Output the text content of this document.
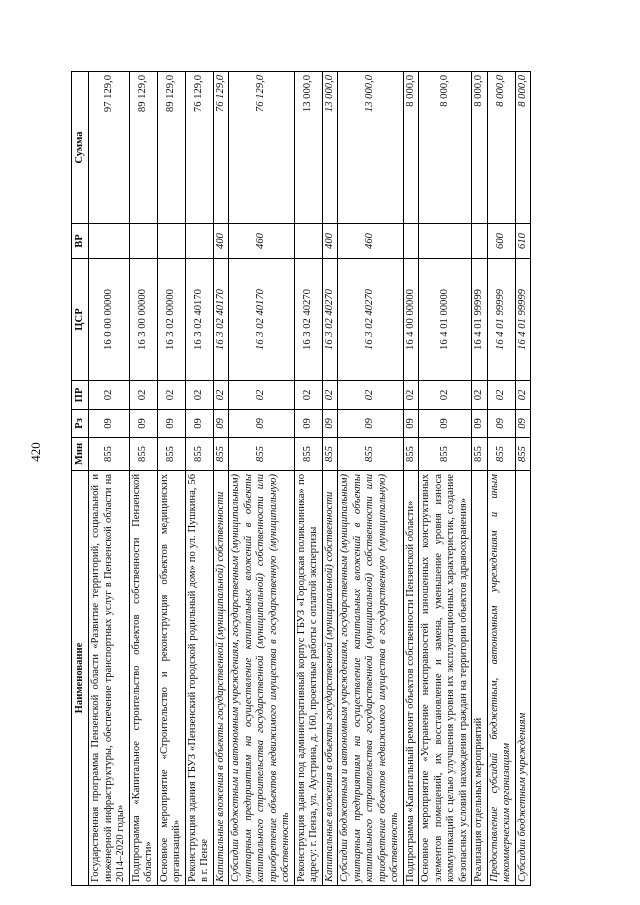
420
Наименование	Мин	Рз	ПР	ЦСР	ВР	Сумма
Государственная программа Пензенской области «Развитие территорий, социальной и инженерной инфраструктуры, обеспечение транспортных услуг в Пензенской области на 2014–2020 годы»	855	09	02	16 0 00 00000		97 129,0
Подпрограмма «Капитальное строительство объектов собственности Пензенской области»	855	09	02	16 3 00 00000		89 129,0
Основное мероприятие «Строительство и реконструкция объектов медицинских организаций»	855	09	02	16 3 02 00000		89 129,0
Реконструкция здания ГБУЗ «Пензенский городской родильный дом» по ул. Пушкина, 56 в г. Пензе	855	09	02	16 3 02 40170		76 129,0
Капитальные вложения в объекты государственной (муниципальной) собственности	855	09	02	16 3 02 40170	400	76 129,0
Субсидии бюджетным и автономным учреждениям, государственным (муниципальным) унитарным предприятиям на осуществление капитальных вложений в объекты капитального строительства государственной (муниципальной) собственности или приобретение объектов недвижимого имущества в государственную (муниципальную) собственность	855	09	02	16 3 02 40170	460	76 129,0
Реконструкция здания под административный корпус ГБУЗ «Городская поликлиника» по адресу: г. Пенза, ул. Аустрина, д. 160, проектные работы с оплатой экспертизы	855	09	02	16 3 02 40270		13 000,0
Капитальные вложения в объекты государственной (муниципальной) собственности	855	09	02	16 3 02 40270	400	13 000,0
Субсидии бюджетным и автономным учреждениям, государственным (муниципальным) унитарным предприятиям на осуществление капитальных вложений в объекты капитального строительства государственной (муниципальной) собственности или приобретение объектов недвижимого имущества в государственную (муниципальную) собственность	855	09	02	16 3 02 40270	460	13 000,0
Подпрограмма «Капитальный ремонт объектов собственности Пензенской области»	855	09	02	16 4 00 00000		8 000,0
Основное мероприятие «Устранение неисправностей изношенных конструктивных элементов помещений, их восстановление и замена, уменьшение уровня износа коммуникаций с целью улучшения уровня их эксплуатационных характеристик, создание безопасных условий нахождения граждан на территории объектов здравоохранения»	855	09	02	16 4 01 00000		8 000,0
Реализация отдельных мероприятий	855	09	02	16 4 01 99999		8 000,0
Предоставление субсидий бюджетным, автономным учреждениям и иным некоммерческим организациям	855	09	02	16 4 01 99999	600	8 000,0
Субсидии бюджетным учреждениям	855	09	02	16 4 01 99999	610	8 000,0
